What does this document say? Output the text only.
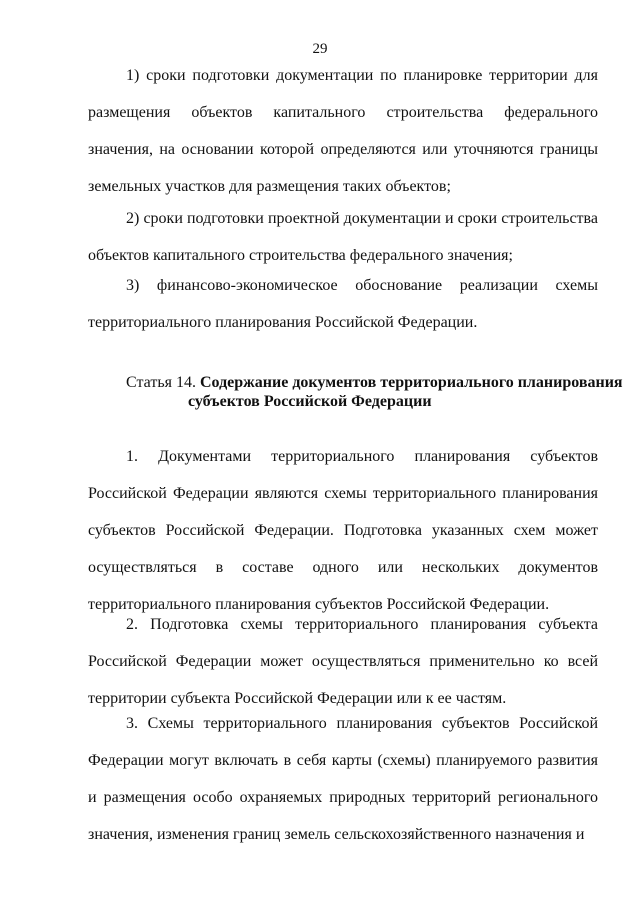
29

1) сроки подготовки документации по планировке территории для размещения объектов капитального строительства федерального значения, на основании которой определяются или уточняются границы земельных участков для размещения таких объектов;

2) сроки подготовки проектной документации и сроки строительства объектов капитального строительства федерального значения;

3) финансово-экономическое обоснование реализации схемы территориального планирования Российской Федерации.

Статья 14. Содержание документов территориального планирования
субъектов Российской Федерации

1. Документами территориального планирования субъектов Российской Федерации являются схемы территориального планирования субъектов Российской Федерации. Подготовка указанных схем может осуществляться в составе одного или нескольких документов территориального планирования субъектов Российской Федерации.

2. Подготовка схемы территориального планирования субъекта Российской Федерации может осуществляться применительно ко всей территории субъекта Российской Федерации или к ее частям.

3. Схемы территориального планирования субъектов Российской Федерации могут включать в себя карты (схемы) планируемого развития и размещения особо охраняемых природных территорий регионального значения, изменения границ земель сельскохозяйственного назначения и
